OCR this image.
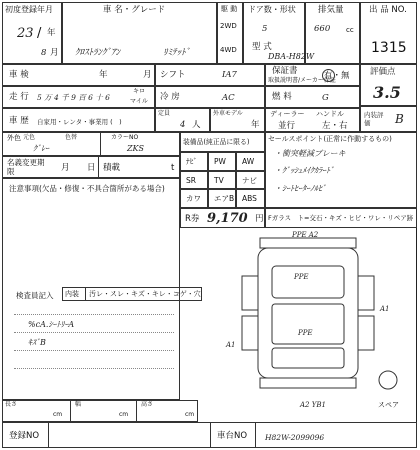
初度登録年月
23 / 年
8 月
車 名・グレード
ｸﾛｽﾄﾗﾝｸﾞｱﾝ	ﾘﾐﾃｯﾄﾞ
駆 動
2WD
4WD
ドア数・形状
5
型 式
排気量
660 cc
DBA-H82W
出 品 NO.
1315
車 検	年	月 シフト	IA7	保証書
取扱説明書/メーカー保証
有・無 評価点
3.5
走 行 5 万 4 千 9 百 6 十 6
キロ
マイル 冷 房	AC	燃 料	G
車 歴 自家用・レンタ・事業用 (　)
定員
4 人
外車モデル
年
ディーラー ハンドル
並行	左・右
内装評価	B
外色 元色	色替	カラーNO
ｸﾞﾚｰ	ZKS
名義変更期限	月 日 積載	t
注意事項(欠品・修復・不具合箇所がある場合)
装備品(純正品に限る)
R券 9,170 円
セールスポイント(正常に作動するもの)
・衝突軽減ブレーキ
・ｸﾞｯｼｭﾒｲｸｶﾗｰﾄﾞ
・ｼｰﾄﾋｰﾀｰﾉﾙﾋﾞ
Fガラス　ト=交石・キズ・ヒビ・ワレ・リペア跡
検査員記入 内装 汚レ・スレ・キズ・キレ・コゲ・穴
%cA.ｼｰﾄﾘｰA
ｷｽﾞB
PPE A2
PPE
PPE
A1
A1
A2 YB1	スペア
長さ
cm
幅
cm
高さ
cm
登録NO	車台NO H82W-2099096
ﾅﾋﾞ PW AW
SR TV ナビ
カワ エアB ABS
